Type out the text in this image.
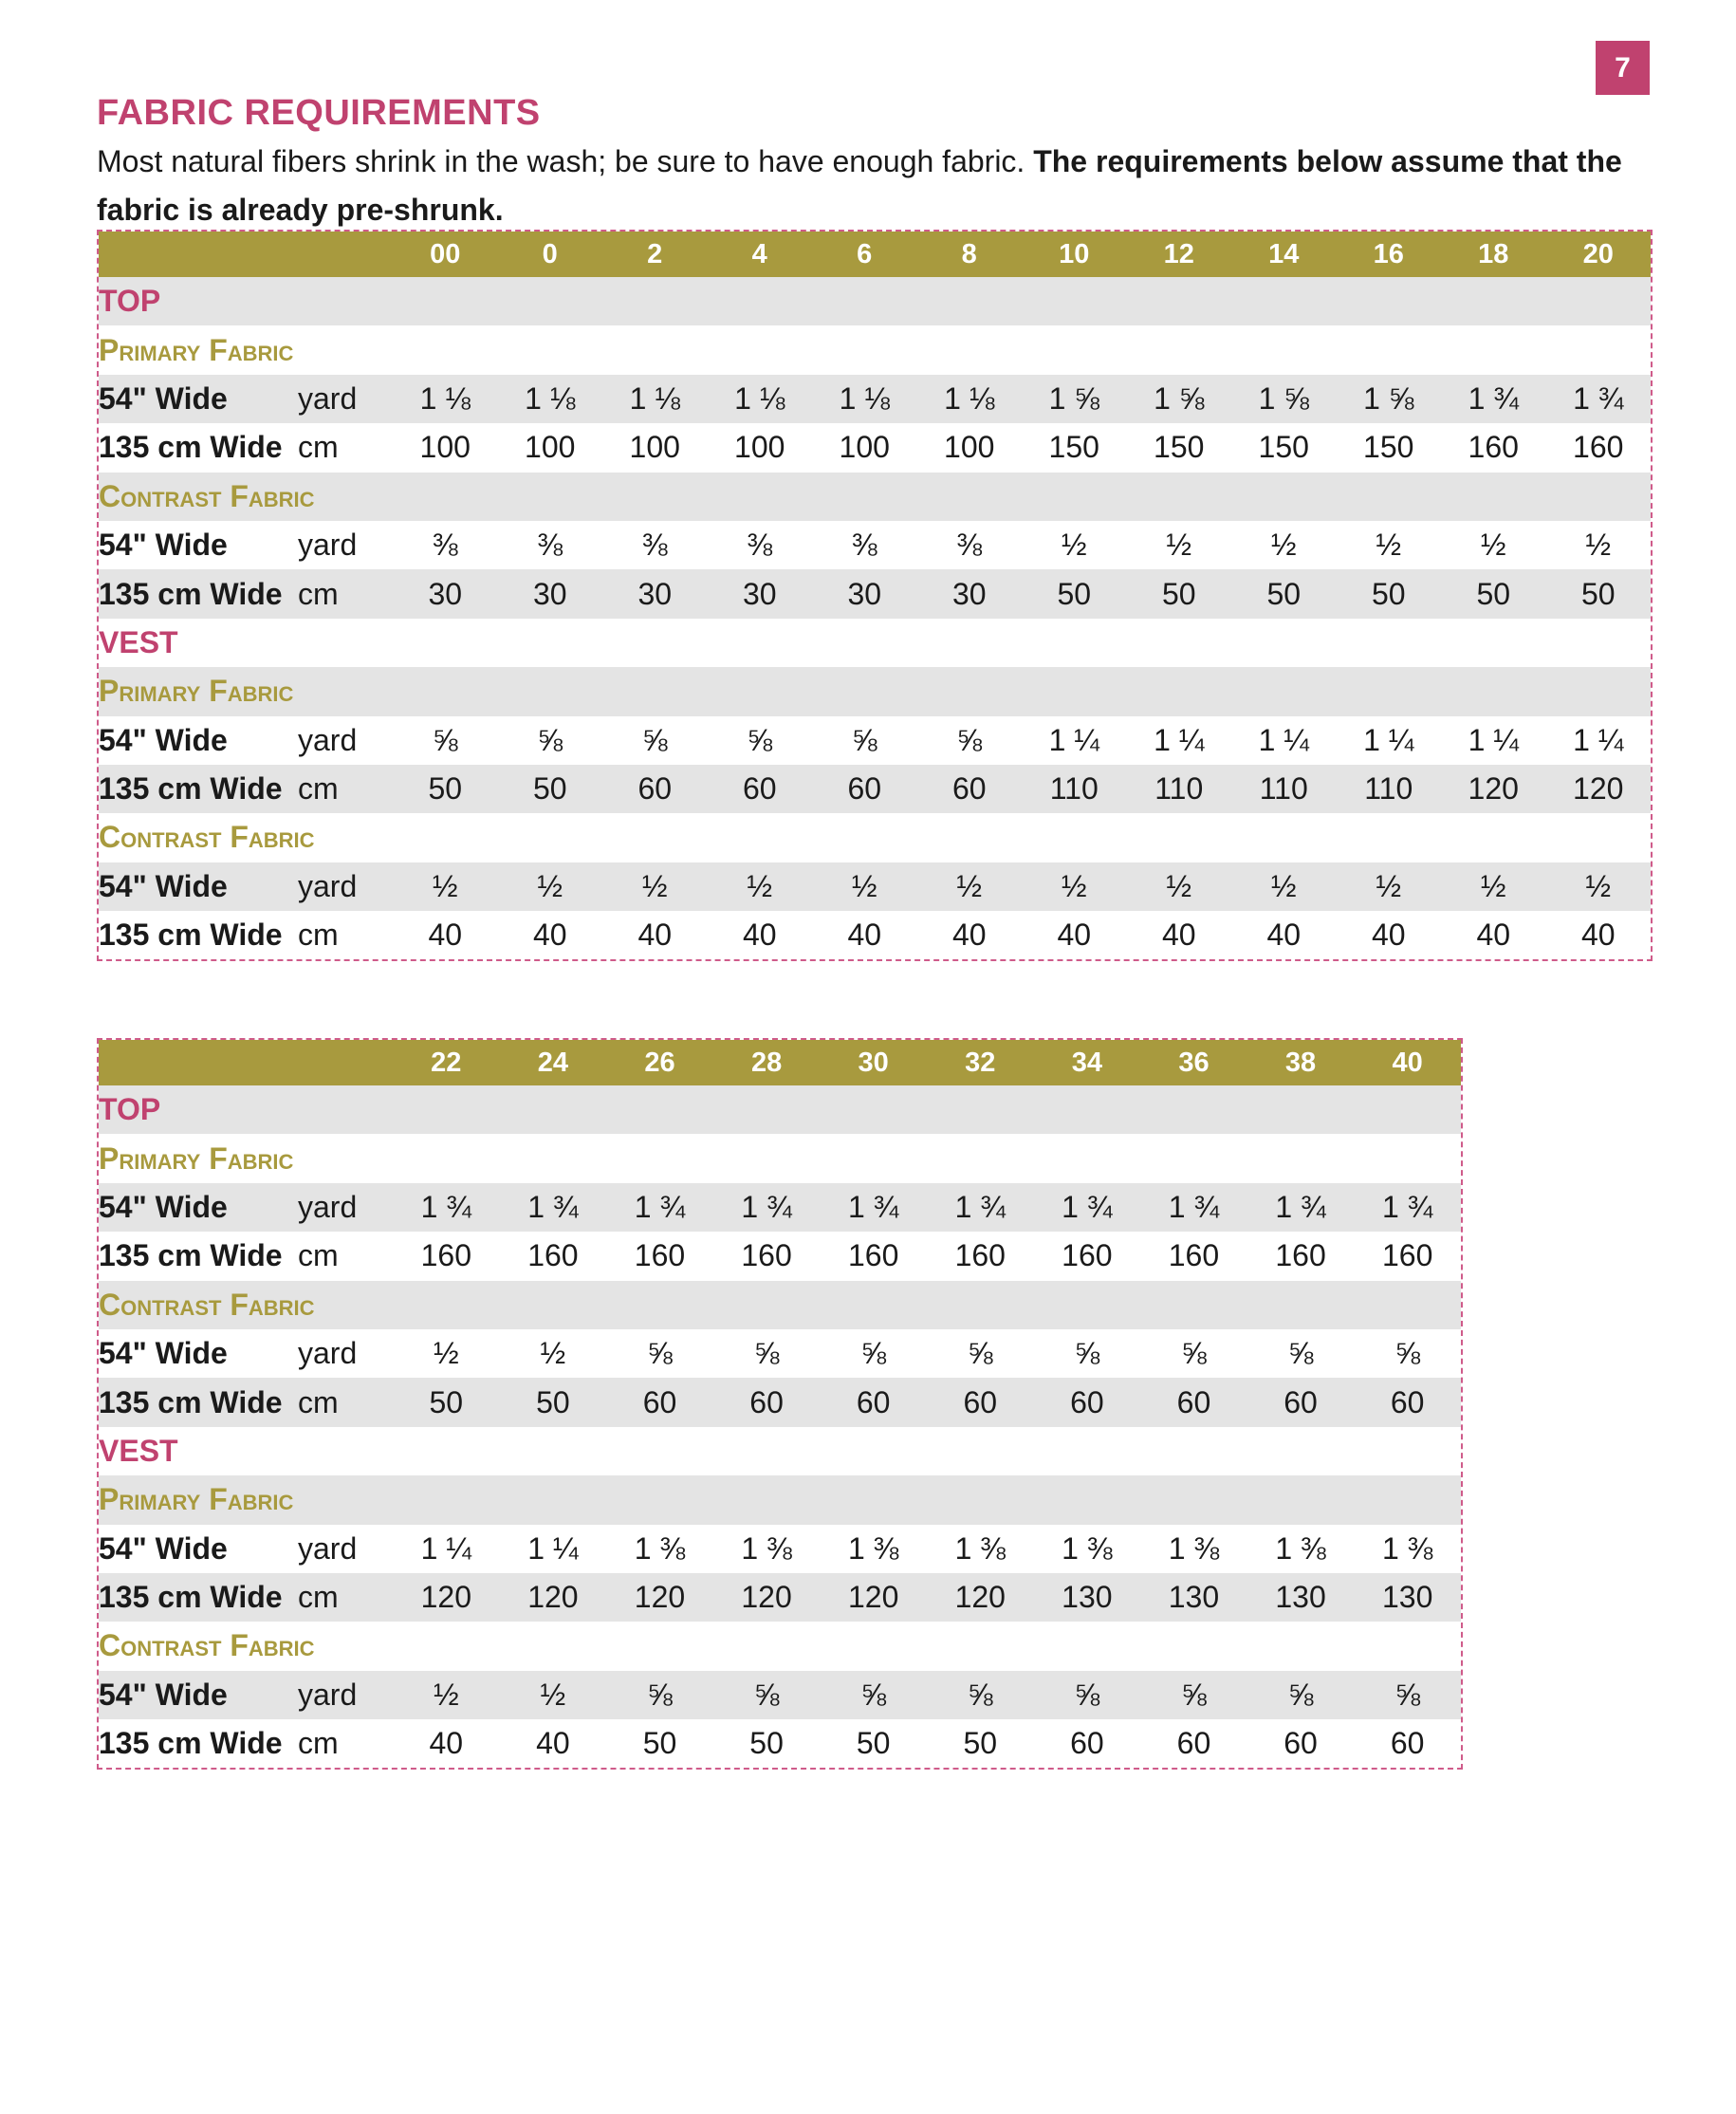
7
FABRIC REQUIREMENTS

Most natural fibers shrink in the wash; be sure to have enough fabric. The requirements below assume that the fabric is already pre-shrunk.

		00	0	2	4	6	8	10	12	14	16	18	20
TOP													
Primary Fabric													
54" Wide	yard	1 ⅛	1 ⅛	1 ⅛	1 ⅛	1 ⅛	1 ⅛	1 ⅝	1 ⅝	1 ⅝	1 ⅝	1 ¾	1 ¾
135 cm Wide	cm	100	100	100	100	100	100	150	150	150	150	160	160
Contrast Fabric													
54" Wide	yard	⅜	⅜	⅜	⅜	⅜	⅜	½	½	½	½	½	½
135 cm Wide	cm	30	30	30	30	30	30	50	50	50	50	50	50
VEST													
Primary Fabric													
54" Wide	yard	⅝	⅝	⅝	⅝	⅝	⅝	1 ¼	1 ¼	1 ¼	1 ¼	1 ¼	1 ¼
135 cm Wide	cm	50	50	60	60	60	60	110	110	110	110	120	120
Contrast Fabric													
54" Wide	yard	½	½	½	½	½	½	½	½	½	½	½	½
135 cm Wide	cm	40	40	40	40	40	40	40	40	40	40	40	40
		22	24	26	28	30	32	34	36	38	40
TOP											
Primary Fabric											
54" Wide	yard	1 ¾	1 ¾	1 ¾	1 ¾	1 ¾	1 ¾	1 ¾	1 ¾	1 ¾	1 ¾
135 cm Wide	cm	160	160	160	160	160	160	160	160	160	160
Contrast Fabric											
54" Wide	yard	½	½	⅝	⅝	⅝	⅝	⅝	⅝	⅝	⅝
135 cm Wide	cm	50	50	60	60	60	60	60	60	60	60
VEST											
Primary Fabric											
54" Wide	yard	1 ¼	1 ¼	1 ⅜	1 ⅜	1 ⅜	1 ⅜	1 ⅜	1 ⅜	1 ⅜	1 ⅜
135 cm Wide	cm	120	120	120	120	120	120	130	130	130	130
Contrast Fabric											
54" Wide	yard	½	½	⅝	⅝	⅝	⅝	⅝	⅝	⅝	⅝
135 cm Wide	cm	40	40	50	50	50	50	60	60	60	60
